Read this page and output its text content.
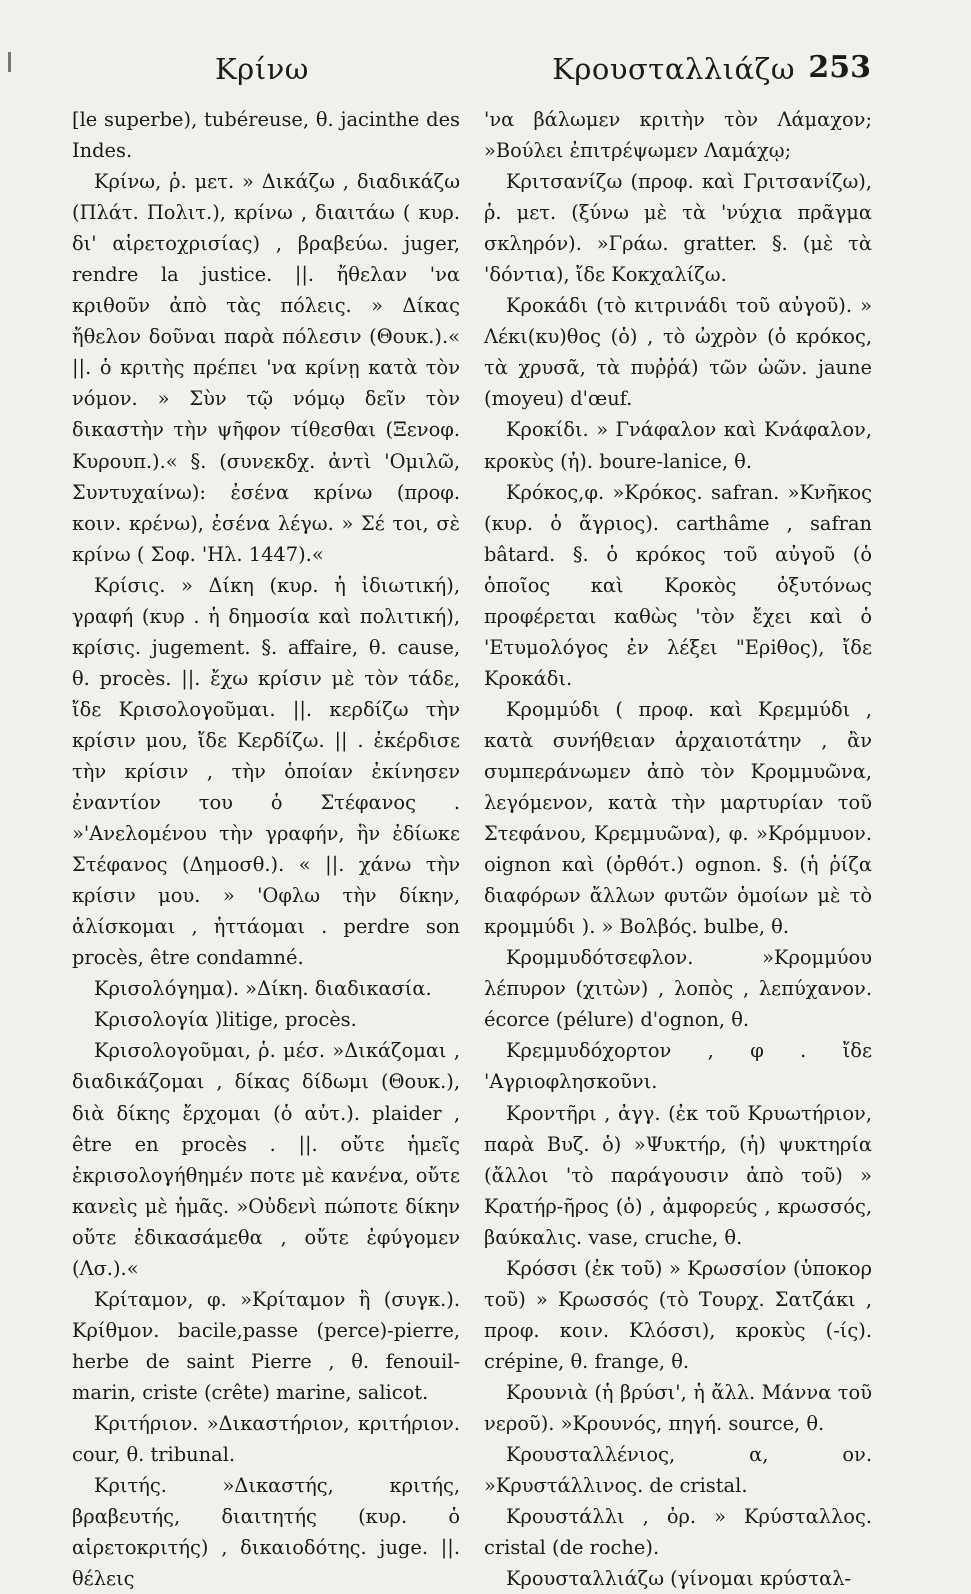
Κρίνω	Κρουσταλλιάζω 253

[le superbe), tubéreuse, θ. jacinthe des Indes.

Κρίνω, ῥ. μετ. » Δικάζω , διαδικάζω (Πλάτ. Πολιτ.), κρίνω , διαιτάω ( κυρ. δι' αἱρετοχρισίας) , βραβεύω. juger, rendre la justice. ||. ἤθελαν 'να κριθοῦν ἀπὸ τὰς πόλεις. » Δίκας ἤθελον δοῦναι παρὰ πόλεσιν (Θουκ.).« ||. ὁ κριτὴς πρέπει 'να κρίνῃ κατὰ τὸν νόμον. » Σὺν τῷ νόμῳ δεῖν τὸν δικαστὴν τὴν ψῆφον τίθεσθαι (Ξενοφ. Κυρουπ.).« §. (συνεκδχ. ἀντὶ 'Ομιλῶ, Συντυχαίνω): ἐσένα κρίνω (προφ. κοιν. κρένω), ἐσένα λέγω. » Σέ τοι, σὲ κρίνω ( Σοφ. 'Ηλ. 1447).«

Κρίσις. » Δίκη (κυρ. ἡ ἰδιωτική), γραφή (κυρ . ἡ δημοσία καὶ πολιτική), κρίσις. jugement. §. affaire, θ. cause, θ. procès. ||. ἔχω κρίσιν μὲ τὸν τάδε, ἴδε Κρισολογοῦμαι. ||. κερδίζω τὴν κρίσιν μου, ἴδε Κερδίζω. || . ἐκέρδισε τὴν κρίσιν , τὴν ὁποίαν ἐκίνησεν ἐναντίον του ὁ Στέφανος . »'Ανελομένου τὴν γραφήν, ἣν ἐδίωκε Στέφανος (Δημοσθ.). « ||. χάνω τὴν κρίσιν μου. » 'Οφλω τὴν δίκην, ἁλίσκομαι , ἡττάομαι . perdre son procès, être condamné.

Κρισολόγημα). »Δίκη. διαδικασία.

Κρισολογία )litige, procès.

Κρισολογοῦμαι, ῥ. μέσ. »Δικάζομαι , διαδικάζομαι , δίκας δίδωμι (Θουκ.), διὰ δίκης ἔρχομαι (ὁ αὐτ.). plaider , être en procès . ||. οὔτε ἡμεῖς ἐκρισολογήθημέν ποτε μὲ κανένα, οὔτε κανεὶς μὲ ἡμᾶς. »Οὐδενὶ πώποτε δίκην οὔτε ἐδικασάμεθα , οὔτε ἐφύγομεν (Λσ.).«

Κρίταμον, φ. »Κρίταμον ἢ (συγκ.). Κρίθμον. bacile,passe (perce)-pierre, herbe de saint Pierre , θ. fenouil-marin, criste (crête) marine, salicot.

Κριτήριον. »Δικαστήριον, κριτήριον. cour, θ. tribunal.

Κριτής. »Δικαστής, κριτής, βραβευτής, διαιτητής (κυρ. ὁ αἱρετοκριτής) , δικαιοδότης. juge. ||. θέλεις

'να βάλωμεν κριτὴν τὸν Λάμαχον; »Βούλει ἐπιτρέψωμεν Λαμάχῳ;

Κριτσανίζω (προφ. καὶ Γριτσανίζω), ῥ. μετ. (ξύνω μὲ τὰ 'νύχια πρᾶγμα σκληρόν). »Γράω. gratter. §. (μὲ τὰ 'δόντια), ἴδε Κοκχαλίζω.

Κροκάδι (τὸ κιτρινάδι τοῦ αὐγοῦ). » Λέκι(κυ)θος (ὁ) , τὸ ὠχρὸν (ὁ κρόκος, τὰ χρυσᾶ, τὰ πυῤῥά) τῶν ὠῶν. jaune (moyeu) d'œuf.

Κροκίδι. » Γνάφαλον καὶ Κνάφαλον, κροκὺς (ἡ). boure-lanice, θ.

Κρόκος,φ. »Κρόκος. safran. »Κνῆκος (κυρ. ὁ ἄγριος). carthâme , safran bâtard. §. ὁ κρόκος τοῦ αὐγοῦ (ὁ ὁποῖος καὶ Κροκὸς ὀξυτόνως προφέρεται καθὼς 'τὸν ἔχει καὶ ὁ 'Ετυμολόγος ἐν λέξει "Ερiθος), ἴδε Κροκάδι.

Κρομμύδι ( προφ. καὶ Κρεμμύδι , κατὰ συνήθειαν ἀρχαιοτάτην , ἂν συμπεράνωμεν ἀπὸ τὸν Κρομμυῶνα, λεγόμενον, κατὰ τὴν μαρτυρίαν τοῦ Στεφάνου, Κρεμμυῶνα), φ. »Κρόμμυον. oignon καὶ (ὀρθότ.) ognon. §. (ἡ ῥίζα διαφόρων ἄλλων φυτῶν ὁμοίων μὲ τὸ κρομμύδι ). » Βολβός. bulbe, θ.

Κρομμυδότσεφλον. »Κρομμύου λέπυρον (χιτὼν) , λοπὸς , λεπύχανον. écorce (pélure) d'ognon, θ.

Κρεμμυδόχορτον , φ . ἴδε 'Αγριοφλησκοῦνι.

Κροντῆρι , ἀγγ. (ἐκ τοῦ Κρυωτήριον, παρὰ Βυζ. ὁ) »Ψυκτήρ, (ἡ) ψυκτηρία (ἄλλοι 'τὸ παράγουσιν ἀπὸ τοῦ) » Κρατήρ-ῆρος (ὁ) , ἀμφορεύς , κρωσσός, βαύκαλις. vase, cruche, θ.

Κρόσσι (ἐκ τοῦ) » Κρωσσίον (ὑποκορ τοῦ) » Κρωσσός (τὸ Τουρχ. Σατζάκι , προφ. κοιν. Κλόσσι), κροκὺς (-ίς). crépine, θ. frange, θ.

Κρουνιὰ (ἡ βρύσι', ἡ ἄλλ. Μάννα τοῦ νεροῦ). »Κρουνός, πηγή. source, θ.

Κρουσταλλένιος, α, ον. »Κρυστάλλινος. de cristal.

Κρουστάλλι , ὀρ. » Κρύσταλλος. cristal (de roche).

Κρουσταλλιάζω (γίνομαι κρύσταλ-
